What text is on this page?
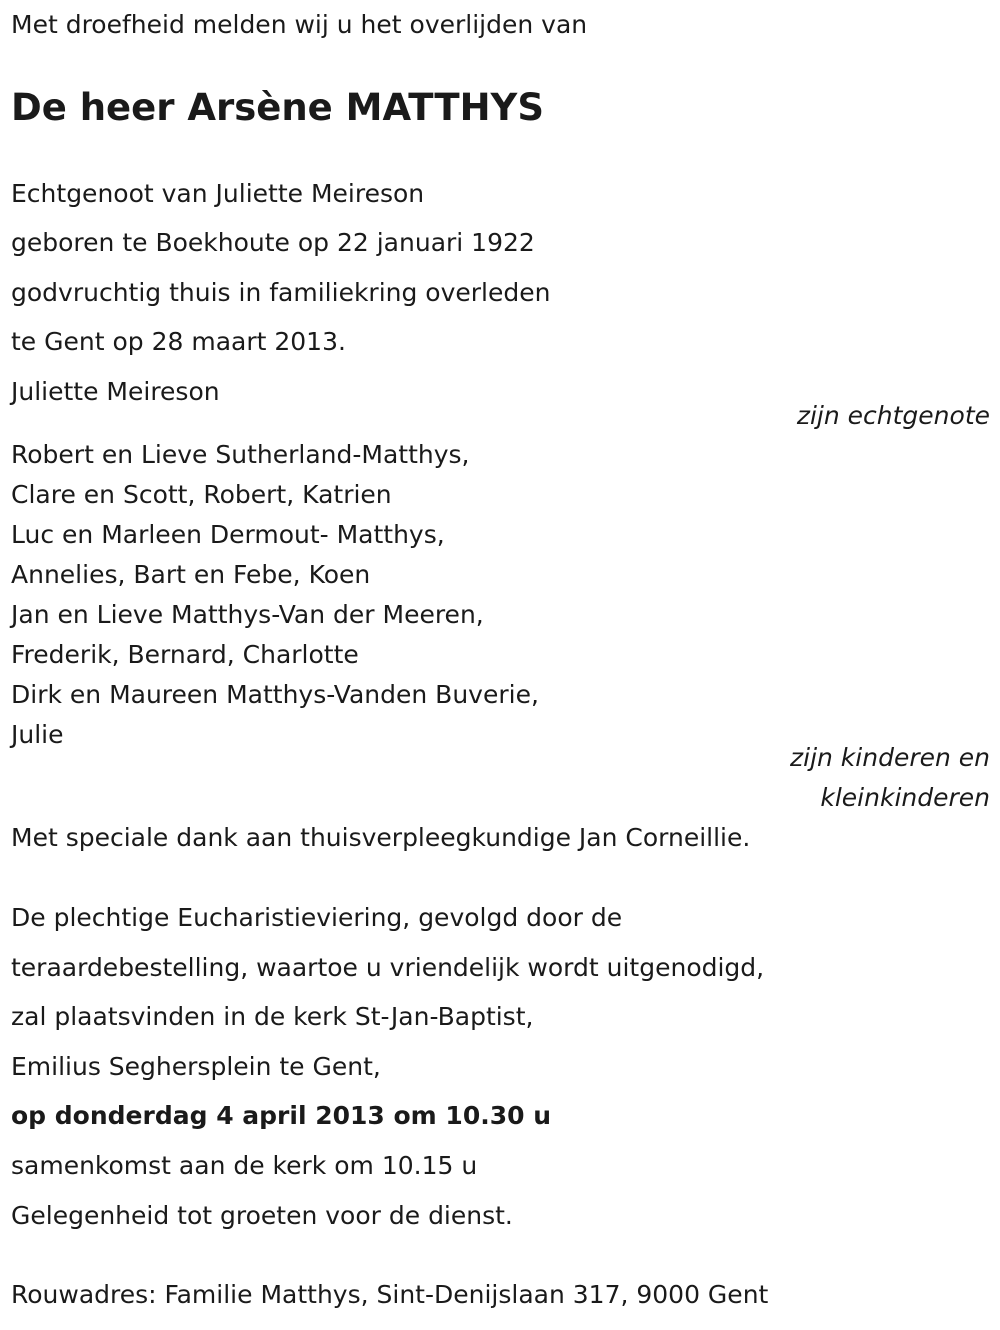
Met droefheid melden wij u het overlijden van
De heer Arsène MATTHYS
Echtgenoot van Juliette Meireson
geboren te Boekhoute op 22 januari 1922
godvruchtig thuis in familiekring overleden
te Gent op 28 maart 2013.
Juliette Meireson
zijn echtgenote
Robert en Lieve Sutherland-Matthys,
Clare en Scott, Robert, Katrien
Luc en Marleen Dermout- Matthys,
Annelies, Bart en Febe, Koen
Jan en Lieve Matthys-Van der Meeren,
Frederik, Bernard, Charlotte
Dirk en Maureen Matthys-Vanden Buverie,
Julie
zijn kinderen en
kleinkinderen
Met speciale dank aan thuisverpleegkundige Jan Corneillie.
De plechtige Eucharistieviering, gevolgd door de
teraardebestelling, waartoe u vriendelijk wordt uitgenodigd,
zal plaatsvinden in de kerk St-Jan-Baptist,
Emilius Seghersplein te Gent,
op donderdag 4 april 2013 om 10.30 u
samenkomst aan de kerk om 10.15 u
Gelegenheid tot groeten voor de dienst.
Rouwadres: Familie Matthys, Sint-Denijslaan 317, 9000 Gent
